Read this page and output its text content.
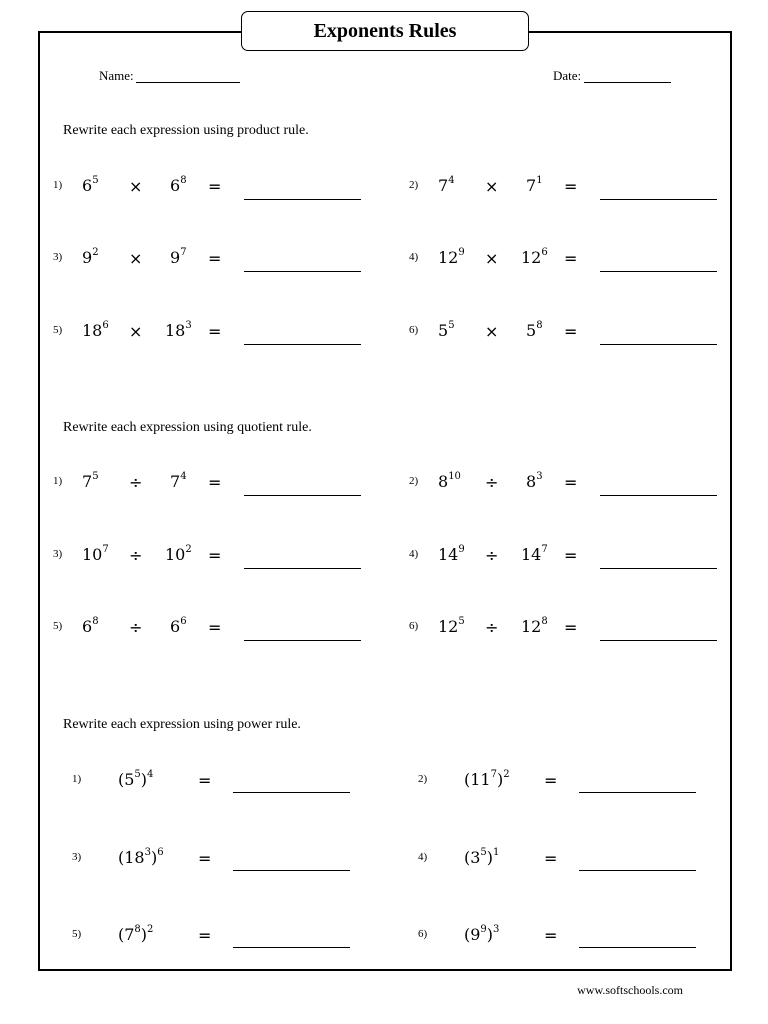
Exponents Rules
Name:	Date:
Rewrite each expression using product rule.
1) $6^5 \times 6^8$ =	2) $7^4 \times 7^1$ =
3) $9^2 \times 9^7$ =	4) $12^9 \times 12^6$ =
5) $18^6 \times 18^3$ =	6) $5^5 \times 5^8$ =
Rewrite each expression using quotient rule.
1) $7^5 \div 7^4$ =	2) $8^{10} \div 8^3$ =
3) $10^7 \div 10^2$ =	4) $14^9 \div 14^7$ =
5) $6^8 \div 6^6$ =	6) $12^5 \div 12^8$ =
Rewrite each expression using power rule.
1) $(5^5)^4$	=	2) $(11^7)^2$ =
3) $(18^3)^6$ =	4) $(3^5)^1$	=
5) $(7^8)^2$	=	6) $(9^9)^3$	=
www.softschools.com
